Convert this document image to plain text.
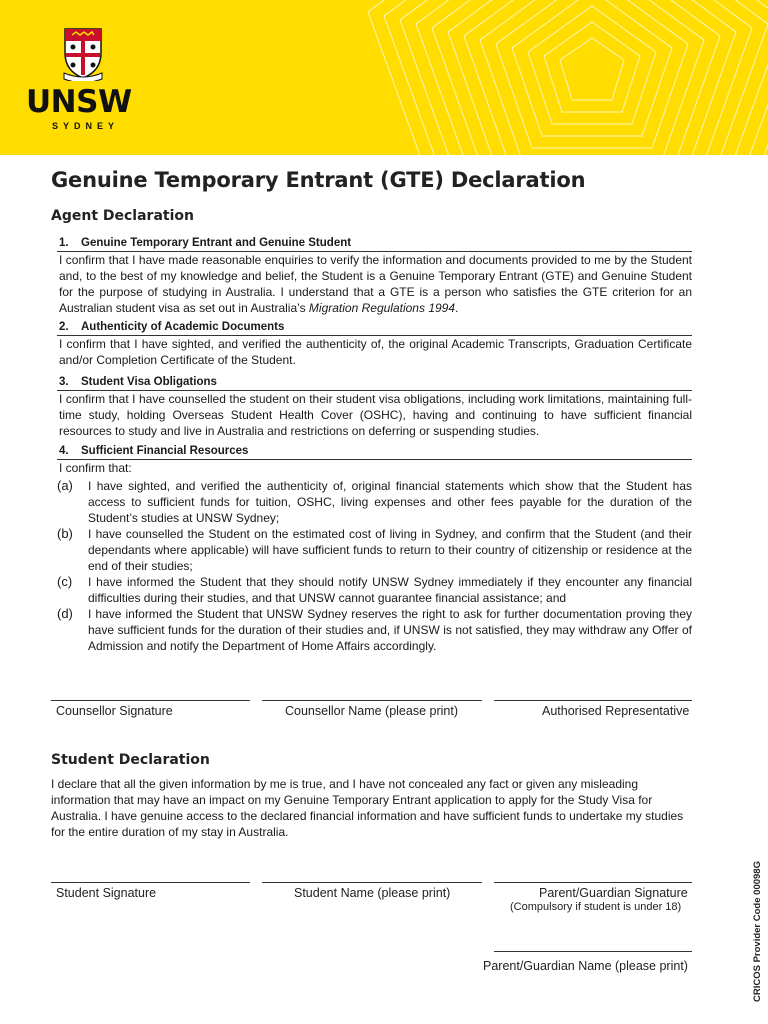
UNSW
SYDNEY
Genuine Temporary Entrant (GTE) Declaration
Agent Declaration
1.	Genuine Temporary Entrant and Genuine Student

I confirm that I have made reasonable enquiries to verify the information and documents provided to me by the Student and, to the best of my knowledge and belief, the Student is a Genuine Temporary Entrant (GTE) and Genuine Student for the purpose of studying in Australia. I understand that a GTE is a person who satisfies the GTE criterion for an Australian student visa as set out in Australia’s Migration Regulations 1994.

2.	Authenticity of Academic Documents

I confirm that I have sighted, and verified the authenticity of, the original Academic Transcripts, Graduation Certificate and/or Completion Certificate of the Student.

3.	Student Visa Obligations

I confirm that I have counselled the student on their student visa obligations, including work limitations, maintaining full-time study, holding Overseas Student Health Cover (OSHC), having and continuing to have sufficient financial resources to study and live in Australia and restrictions on deferring or suspending studies.

4.	Sufficient Financial Resources

I confirm that:

(a)	I have sighted, and verified the authenticity of, original financial statements which show that the Student has access to sufficient funds for tuition, OSHC, living expenses and other fees payable for the duration of the Student’s studies at UNSW Sydney;
(b)	I have counselled the Student on the estimated cost of living in Sydney, and confirm that the Student (and their dependants where applicable) will have sufficient funds to return to their country of citizenship or residence at the end of their studies;
(c)	I have informed the Student that they should notify UNSW Sydney immediately if they encounter any financial difficulties during their studies, and that UNSW cannot guarantee financial assistance; and
(d)	I have informed the Student that UNSW Sydney reserves the right to ask for further documentation proving they have sufficient funds for the duration of their studies and, if UNSW is not satisfied, they may withdraw any Offer of Admission and notify the Department of Home Affairs accordingly.
Counsellor Signature	Counsellor Name (please print)	Authorised Representative
Student Declaration

I declare that all the given information by me is true, and I have not concealed any fact or given any misleading information that may have an impact on my Genuine Temporary Entrant application to apply for the Study Visa for Australia. I have genuine access to the declared financial information and have sufficient funds to undertake my studies for the entire duration of my stay in Australia.

Student Signature	Student Name (please print)	Parent/Guardian Signature
(Compulsory if student is under 18)
Parent/Guardian Name (please print)	CRICOS Provider Code 00098G
